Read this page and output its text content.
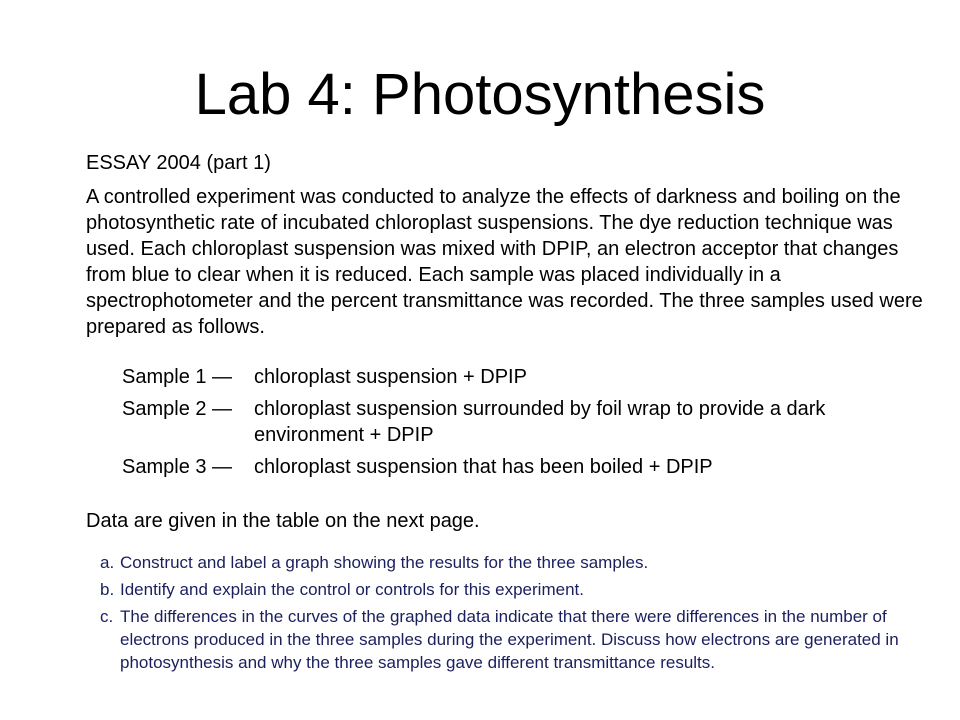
Lab 4: Photosynthesis
ESSAY 2004 (part 1)

A controlled experiment was conducted to analyze the effects of darkness and boiling on the photosynthetic rate of incubated chloroplast suspensions. The dye reduction technique was used. Each chloroplast suspension was mixed with DPIP, an electron acceptor that changes from blue to clear when it is reduced. Each sample was placed individually in a spectrophotometer and the percent transmittance was recorded. The three samples used were prepared as follows.

Sample 1 —	chloroplast suspension + DPIP
Sample 2 —	chloroplast suspension surrounded by foil wrap to provide a dark environment + DPIP
Sample 3 —	chloroplast suspension that has been boiled + DPIP
Data are given in the table on the next page.
a. Construct and label a graph showing the results for the three samples.
b. Identify and explain the control or controls for this experiment.
c. The differences in the curves of the graphed data indicate that there were differences in the number of electrons produced in the three samples during the experiment. Discuss how electrons are generated in photosynthesis and why the three samples gave different transmittance results.
